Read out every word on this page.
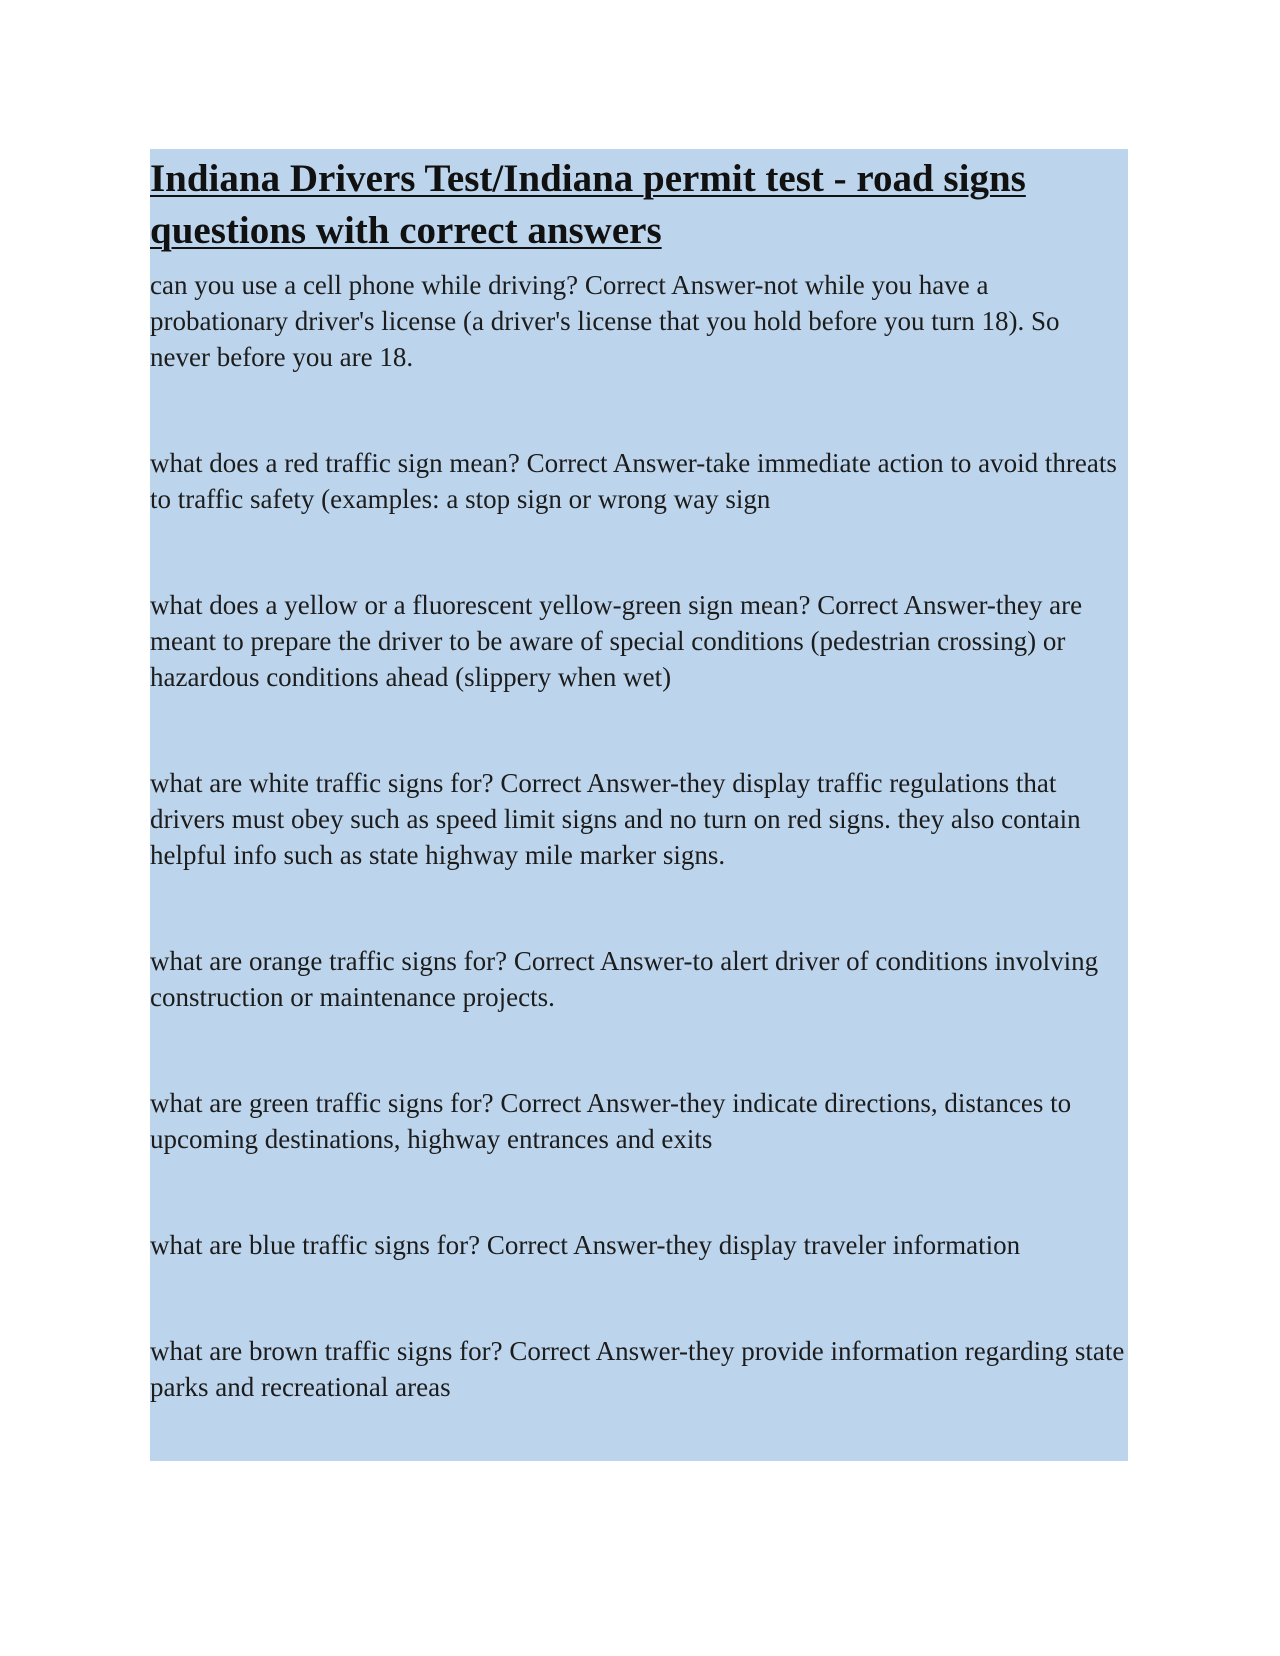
Indiana Drivers Test/Indiana permit test - road signs questions with correct answers

can you use a cell phone while driving? Correct Answer-not while you have a probationary driver's license (a driver's license that you hold before you turn 18). So never before you are 18.

what does a red traffic sign mean? Correct Answer-take immediate action to avoid threats to traffic safety (examples: a stop sign or wrong way sign

what does a yellow or a fluorescent yellow-green sign mean? Correct Answer-they are meant to prepare the driver to be aware of special conditions (pedestrian crossing) or hazardous conditions ahead (slippery when wet)

what are white traffic signs for? Correct Answer-they display traffic regulations that drivers must obey such as speed limit signs and no turn on red signs. they also contain helpful info such as state highway mile marker signs.

what are orange traffic signs for? Correct Answer-to alert driver of conditions involving construction or maintenance projects.

what are green traffic signs for? Correct Answer-they indicate directions, distances to upcoming destinations, highway entrances and exits

what are blue traffic signs for? Correct Answer-they display traveler information

what are brown traffic signs for? Correct Answer-they provide information regarding state parks and recreational areas
